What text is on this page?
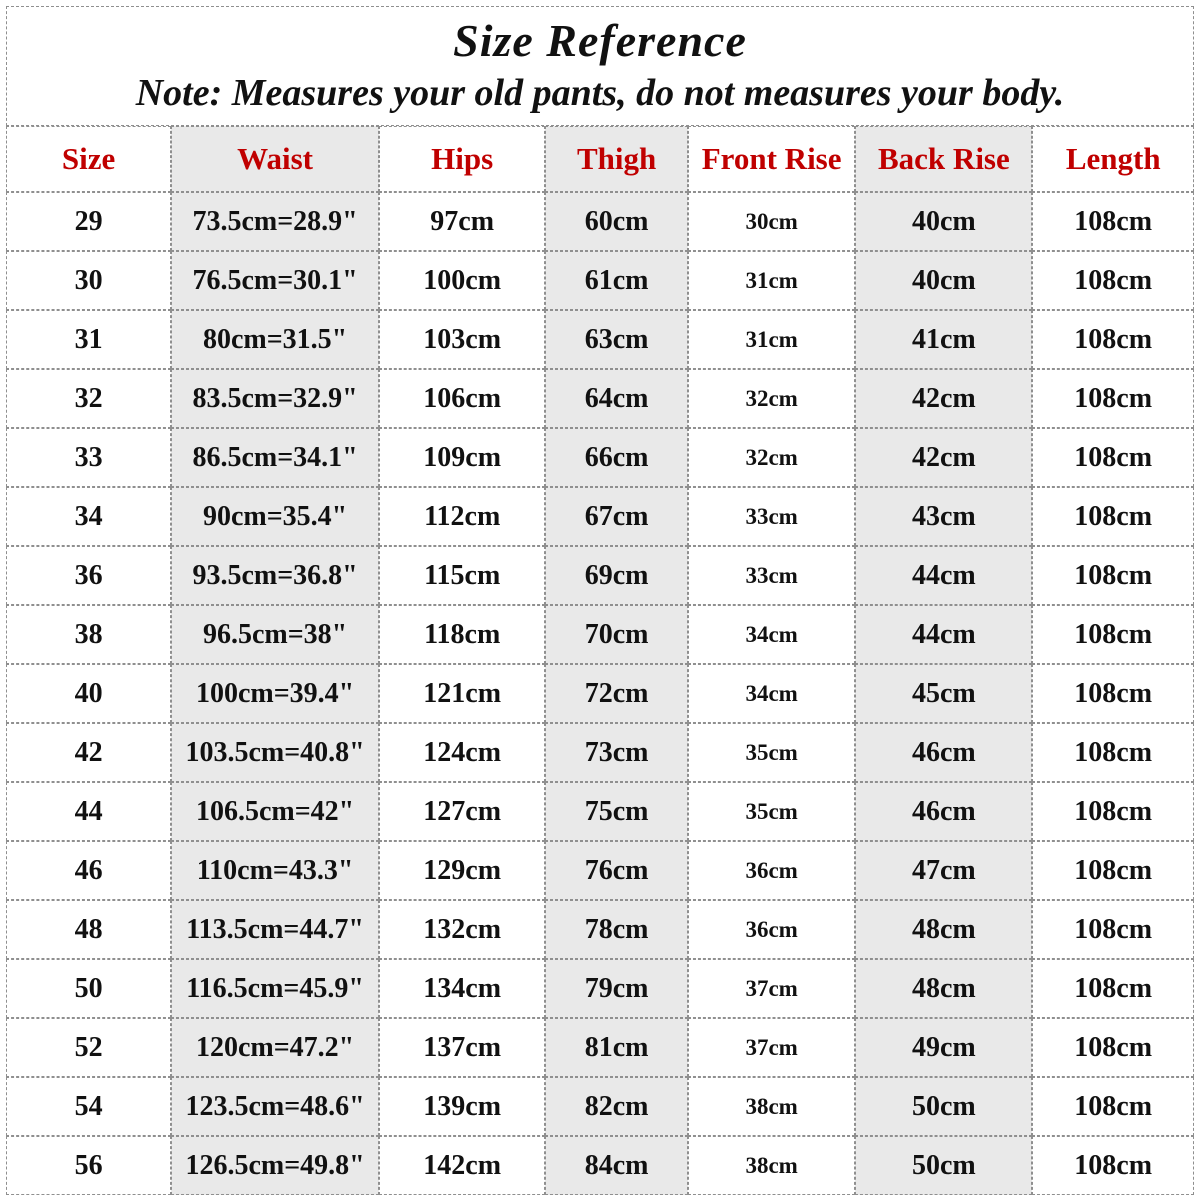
Size Reference
Note: Measures your old pants, do not measures your body.						

Size	Waist	Hips	Thigh	Front Rise	Back Rise	Length
29	73.5cm=28.9"	97cm	60cm	30cm	40cm	108cm
30	76.5cm=30.1"	100cm	61cm	31cm	40cm	108cm
31	80cm=31.5"	103cm	63cm	31cm	41cm	108cm
32	83.5cm=32.9"	106cm	64cm	32cm	42cm	108cm
33	86.5cm=34.1"	109cm	66cm	32cm	42cm	108cm
34	90cm=35.4"	112cm	67cm	33cm	43cm	108cm
36	93.5cm=36.8"	115cm	69cm	33cm	44cm	108cm
38	96.5cm=38"	118cm	70cm	34cm	44cm	108cm
40	100cm=39.4"	121cm	72cm	34cm	45cm	108cm
42	103.5cm=40.8"	124cm	73cm	35cm	46cm	108cm
44	106.5cm=42"	127cm	75cm	35cm	46cm	108cm
46	110cm=43.3"	129cm	76cm	36cm	47cm	108cm
48	113.5cm=44.7"	132cm	78cm	36cm	48cm	108cm
50	116.5cm=45.9"	134cm	79cm	37cm	48cm	108cm
52	120cm=47.2"	137cm	81cm	37cm	49cm	108cm
54	123.5cm=48.6"	139cm	82cm	38cm	50cm	108cm
56	126.5cm=49.8"	142cm	84cm	38cm	50cm	108cm
